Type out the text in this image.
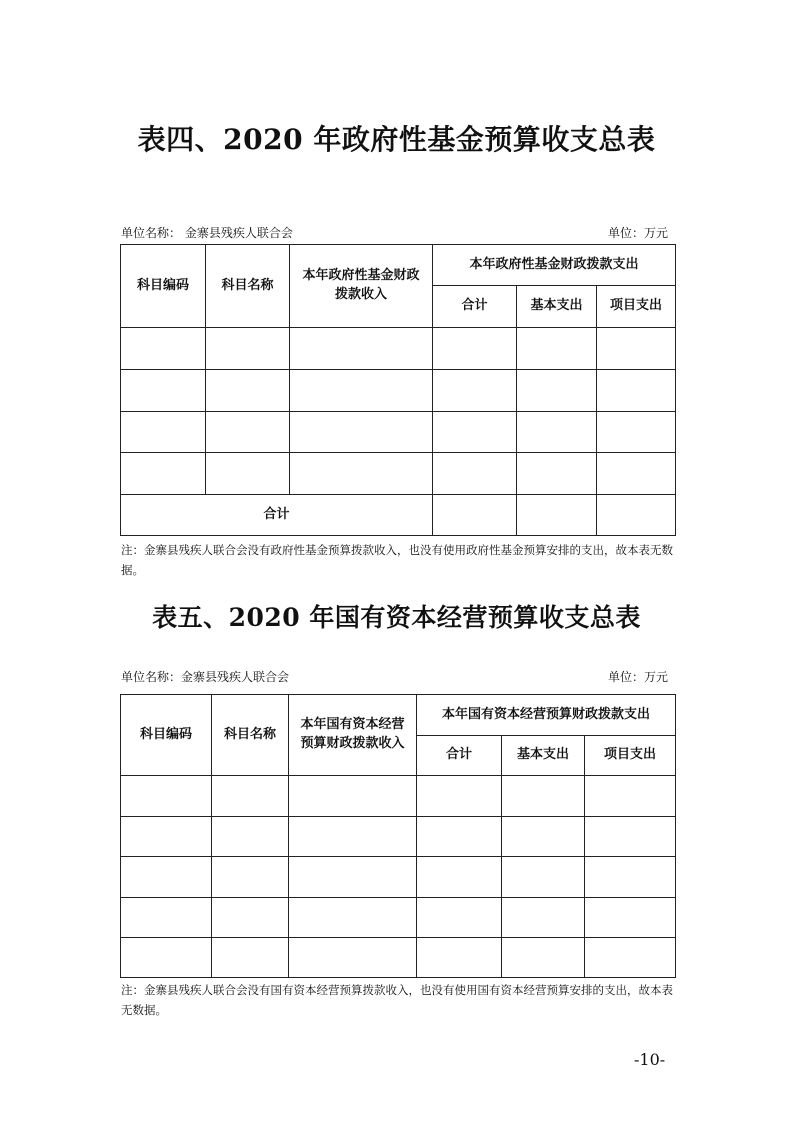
表四、2020 年政府性基金预算收支总表
单位名称： 金寨县残疾人联合会	单位：万元
科目编码	科目名称	本年政府性基金财政拨款收入	本年政府性基金财政拨款支出		
			合计	基本支出	项目支出

合计					
注：金寨县残疾人联合会没有政府性基金预算拨款收入，也没有使用政府性基金预算安排的支出，故本表无数据。
表五、2020 年国有资本经营预算收支总表
单位名称：金寨县残疾人联合会	单位：万元
科目编码	科目名称	本年国有资本经营预算财政拨款收入	本年国有资本经营预算财政拨款支出		
			合计	基本支出	项目支出

注：金寨县残疾人联合会没有国有资本经营预算拨款收入，也没有使用国有资本经营预算安排的支出，故本表无数据。
-10-
